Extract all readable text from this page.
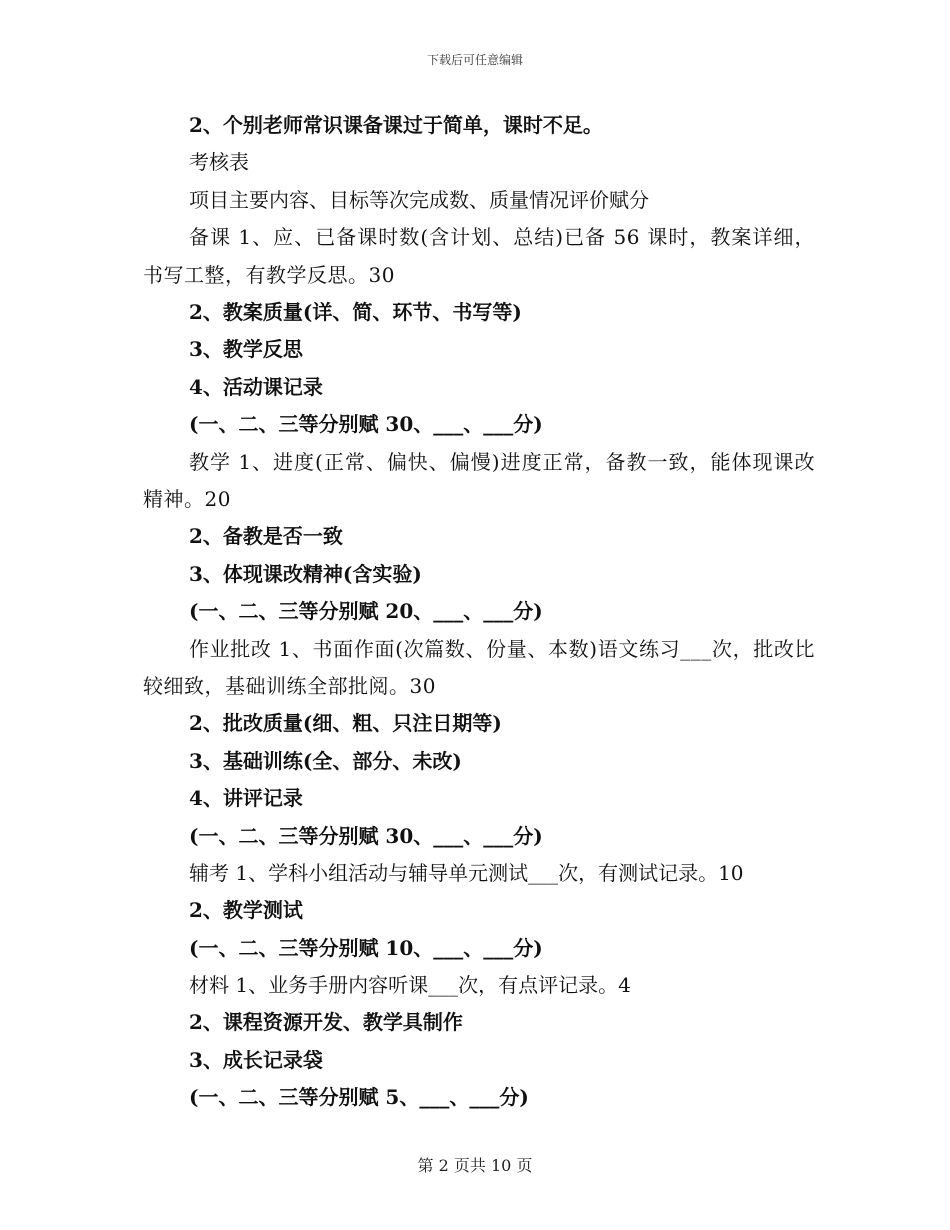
下载后可任意编辑
2、个别老师常识课备课过于简单，课时不足。
考核表
项目主要内容、目标等次完成数、质量情况评价赋分
备课 1、应、已备课时数(含计划、总结)已备 56 课时，教案详细，书写工整，有教学反思。30
2、教案质量(详、简、环节、书写等)
3、教学反思
4、活动课记录
(一、二、三等分别赋 30、___、___分)
教学 1、进度(正常、偏快、偏慢)进度正常，备教一致，能体现课改精神。20
2、备教是否一致
3、体现课改精神(含实验)
(一、二、三等分别赋 20、___、___分)
作业批改 1、书面作面(次篇数、份量、本数)语文练习___次，批改比较细致，基础训练全部批阅。30
2、批改质量(细、粗、只注日期等)
3、基础训练(全、部分、未改)
4、讲评记录
(一、二、三等分别赋 30、___、___分)
辅考 1、学科小组活动与辅导单元测试___次，有测试记录。10
2、教学测试
(一、二、三等分别赋 10、___、___分)
材料 1、业务手册内容听课___次，有点评记录。4
2、课程资源开发、教学具制作
3、成长记录袋
(一、二、三等分别赋 5、___、___分)
第 2 页共 10 页
